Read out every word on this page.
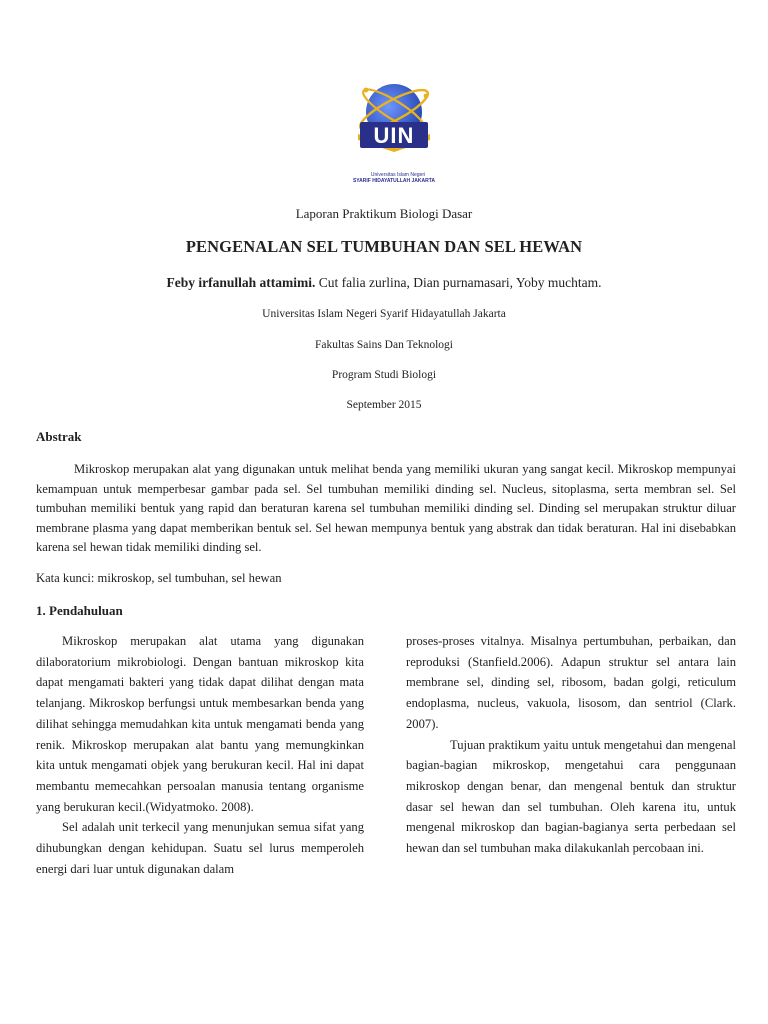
UIN
Universitas Islam Negeri
SYARIF HIDAYATULLAH JAKARTA
Laporan Praktikum Biologi Dasar
PENGENALAN SEL TUMBUHAN DAN SEL HEWAN
Feby irfanullah attamimi. Cut falia zurlina, Dian purnamasari, Yoby muchtam.
Universitas Islam Negeri Syarif Hidayatullah Jakarta
Fakultas Sains Dan Teknologi
Program Studi Biologi
September 2015
Abstrak
Mikroskop merupakan alat yang digunakan untuk melihat benda yang memiliki ukuran yang sangat kecil. Mikroskop mempunyai kemampuan untuk memperbesar gambar pada sel. Sel tumbuhan memiliki dinding sel. Nucleus, sitoplasma, serta membran sel. Sel tumbuhan memiliki bentuk yang rapid dan beraturan karena sel tumbuhan memiliki dinding sel. Dinding sel merupakan struktur diluar membrane plasma yang dapat memberikan bentuk sel. Sel hewan mempunya bentuk yang abstrak dan tidak beraturan. Hal ini disebabkan karena sel hewan tidak memiliki dinding sel.
Kata kunci: mikroskop, sel tumbuhan, sel hewan
1. Pendahuluan

Mikroskop merupakan alat utama yang digunakan dilaboratorium mikrobiologi. Dengan bantuan mikroskop kita dapat mengamati bakteri yang tidak dapat dilihat dengan mata telanjang. Mikroskop berfungsi untuk membesarkan benda yang dilihat sehingga memudahkan kita untuk mengamati benda yang renik. Mikroskop merupakan alat bantu yang memungkinkan kita untuk mengamati objek yang berukuran kecil. Hal ini dapat membantu memecahkan persoalan manusia tentang organisme yang berukuran kecil.(Widyatmoko. 2008).

Sel adalah unit terkecil yang menunjukan semua sifat yang dihubungkan dengan kehidupan. Suatu sel lurus memperoleh energi dari luar untuk digunakan dalam

proses-proses vitalnya. Misalnya pertumbuhan, perbaikan, dan reproduksi (Stanfield.2006). Adapun struktur sel antara lain membrane sel, dinding sel, ribosom, badan golgi, reticulum endoplasma, nucleus, vakuola, lisosom, dan sentriol (Clark. 2007).

Tujuan praktikum yaitu untuk mengetahui dan mengenal bagian-bagian mikroskop, mengetahui cara penggunaan mikroskop dengan benar, dan mengenal bentuk dan struktur dasar sel hewan dan sel tumbuhan. Oleh karena itu, untuk mengenal mikroskop dan bagian-bagianya serta perbedaan sel hewan dan sel tumbuhan maka dilakukanlah percobaan ini.
